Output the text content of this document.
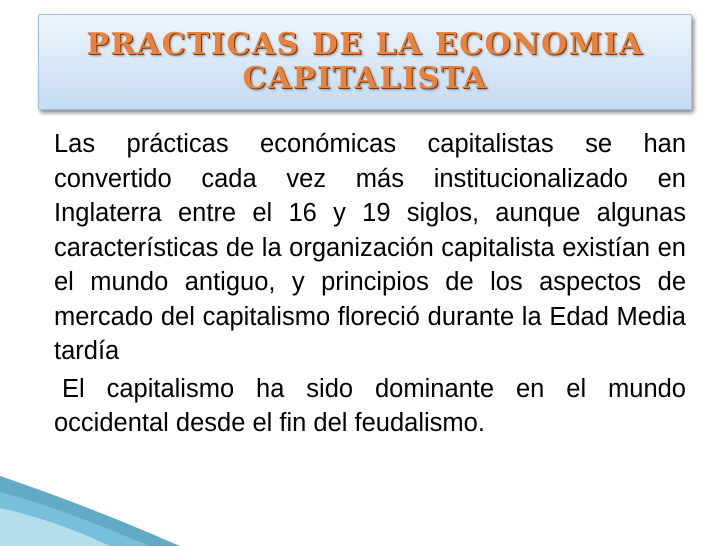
PRACTICAS DE LA ECONOMIA CAPITALISTA

Las prácticas económicas capitalistas se han convertido cada vez más institucionalizado en Inglaterra entre el 16 y 19 siglos, aunque algunas características de la organización capitalista existían en el mundo antiguo, y principios de los aspectos de mercado del capitalismo floreció durante la Edad Media tardía

El capitalismo ha sido dominante en el mundo occidental desde el fin del feudalismo.
